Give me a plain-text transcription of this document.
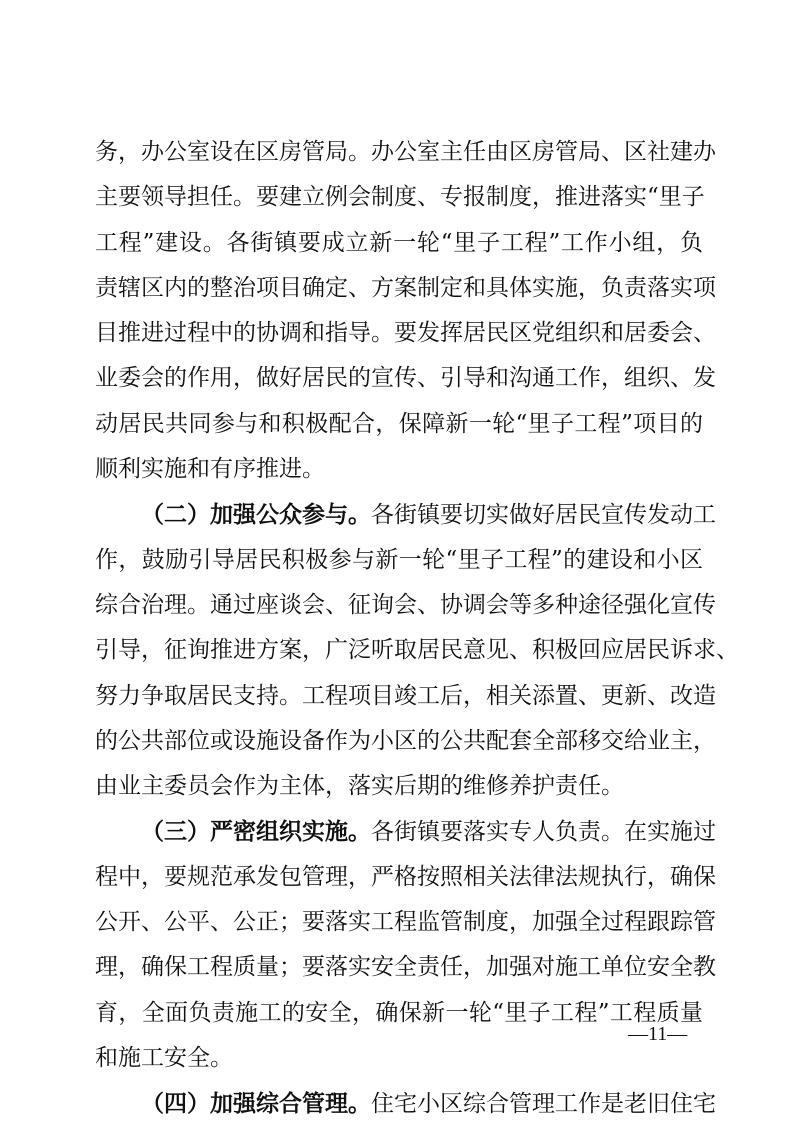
务，办公室设在区房管局。办公室主任由区房管局、区社建办
主要领导担任。要建立例会制度、专报制度，推进落实“里子
工程”建设。各街镇要成立新一轮“里子工程”工作小组，负
责辖区内的整治项目确定、方案制定和具体实施，负责落实项
目推进过程中的协调和指导。要发挥居民区党组织和居委会、
业委会的作用，做好居民的宣传、引导和沟通工作，组织、发
动居民共同参与和积极配合，保障新一轮“里子工程”项目的
顺利实施和有序推进。
（二）加强公众参与。各街镇要切实做好居民宣传发动工
作，鼓励引导居民积极参与新一轮“里子工程”的建设和小区
综合治理。通过座谈会、征询会、协调会等多种途径强化宣传
引导，征询推进方案，广泛听取居民意见、积极回应居民诉求、
努力争取居民支持。工程项目竣工后，相关添置、更新、改造
的公共部位或设施设备作为小区的公共配套全部移交给业主，
由业主委员会作为主体，落实后期的维修养护责任。
（三）严密组织实施。各街镇要落实专人负责。在实施过
程中，要规范承发包管理，严格按照相关法律法规执行，确保
公开、公平、公正；要落实工程监管制度，加强全过程跟踪管
理，确保工程质量；要落实安全责任，加强对施工单位安全教
育，全面负责施工的安全，确保新一轮“里子工程”工程质量
和施工安全。
（四）加强综合管理。住宅小区综合管理工作是老旧住宅
—11—
